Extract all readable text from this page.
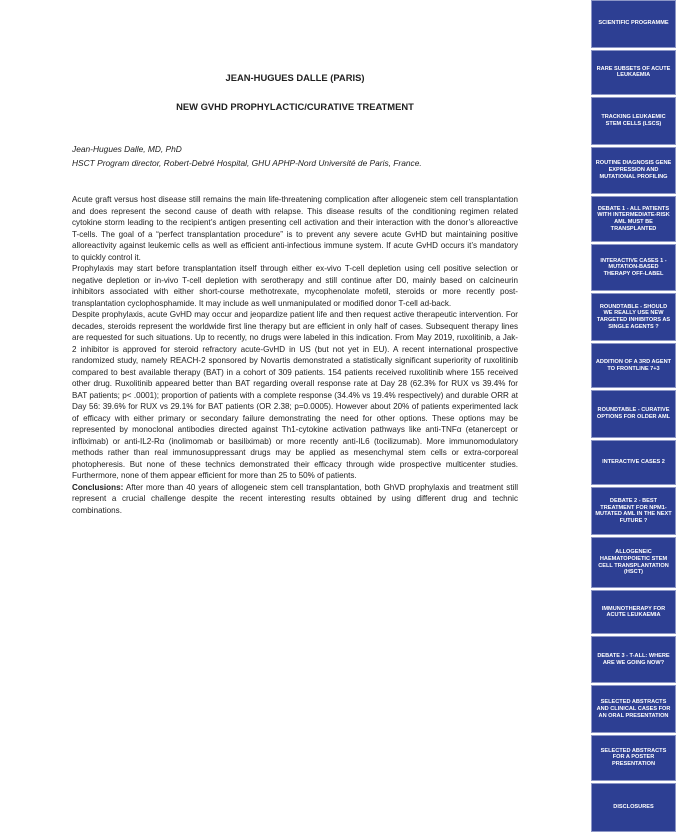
JEAN-HUGUES DALLE (PARIS)

NEW GVHD PROPHYLACTIC/CURATIVE TREATMENT

Jean-Hugues Dalle, MD, PhD
HSCT Program director, Robert-Debré Hospital, GHU APHP-Nord Université de Paris, France.

Acute graft versus host disease still remains the main life-threatening complication after allogeneic stem cell transplantation and does represent the second cause of death with relapse. This disease results of the conditioning regimen related cytokine storm leading to the recipient’s antigen presenting cell activation and their interaction with the donor’s alloreactive T-cells. The goal of a “perfect transplantation procedure” is to prevent any severe acute GvHD but maintaining positive alloreactivity against leukemic cells as well as efficient anti-infectious immune system. If acute GvHD occurs it’s mandatory to quickly control it.

Prophylaxis may start before transplantation itself through either ex-vivo T-cell depletion using cell positive selection or negative depletion or in-vivo T-cell depletion with serotherapy and still continue after D0, mainly based on calcineurin inhibitors associated with either short-course methotrexate, mycophenolate mofetil, steroids or more recently post-transplantation cyclophosphamide. It may include as well unmanipulated or modified donor T-cell ad-back.

Despite prophylaxis, acute GvHD may occur and jeopardize patient life and then request active therapeutic intervention. For decades, steroids represent the worldwide first line therapy but are efficient in only half of cases. Subsequent therapy lines are requested for such situations. Up to recently, no drugs were labeled in this indication. From May 2019, ruxolitinib, a Jak-2 inhibitor is approved for steroid refractory acute-GvHD in US (but not yet in EU). A recent international prospective randomized study, namely REACH-2 sponsored by Novartis demonstrated a statistically significant superiority of ruxolitinib compared to best available therapy (BAT) in a cohort of 309 patients. 154 patients received ruxolitinib where 155 received other drug. Ruxolitinib appeared better than BAT regarding overall response rate at Day 28 (62.3% for RUX vs 39.4% for BAT patients; p< .0001); proportion of patients with a complete response (34.4% vs 19.4% respectively) and durable ORR at Day 56: 39.6% for RUX vs 29.1% for BAT patients (OR 2.38; p=0.0005). However about 20% of patients experimented lack of efficacy with either primary or secondary failure demonstrating the need for other options. These options may be represented by monoclonal antibodies directed against Th1-cytokine activation pathways like anti-TNFα (etanercept or infliximab) or anti-IL2-Rα (inolimomab or basiliximab) or more recently anti-IL6 (tocilizumab). More immunomodulatory methods rather than real immunosuppressant drugs may be applied as mesenchymal stem cells or extra-corporeal photopheresis. But none of these technics demonstrated their efficacy through wide prospective multicenter studies. Furthermore, none of them appear efficient for more than 25 to 50% of patients.

Conclusions: After more than 40 years of allogeneic stem cell transplantation, both GhVD prophylaxis and treatment still represent a crucial challenge despite the recent interesting results obtained by using different drug and technic combinations.

SCIENTIFIC PROGRAMME
RARE SUBSETS OF ACUTE LEUKAEMIA
TRACKING LEUKAEMIC STEM CELLS (LSCS)
ROUTINE DIAGNOSIS GENE EXPRESSION AND MUTATIONAL PROFILING
DEBATE 1 - ALL PATIENTS WITH INTERMEDIATE-RISK AML MUST BE TRANSPLANTED
INTERACTIVE CASES 1 - MUTATION-BASED THERAPY OFF-LABEL
ROUNDTABLE - SHOULD WE REALLY USE NEW TARGETED INHIBITORS AS SINGLE AGENTS ?
ADDITION OF A 3RD AGENT TO FRONTLINE 7+3
ROUNDTABLE - CURATIVE OPTIONS FOR OLDER AML
INTERACTIVE CASES 2
DEBATE 2 - BEST TREATMENT FOR NPM1-MUTATED AML IN THE NEXT FUTURE ?
ALLOGENEIC HAEMATOPOIETIC STEM CELL TRANSPLANTATION (HSCT)
IMMUNOTHERAPY FOR ACUTE LEUKAEMIA
DEBATE 3 - T-ALL: WHERE ARE WE GOING NOW?
SELECTED ABSTRACTS AND CLINICAL CASES FOR AN ORAL PRESENTATION
SELECTED ABSTRACTS FOR A POSTER PRESENTATION
DISCLOSURES
